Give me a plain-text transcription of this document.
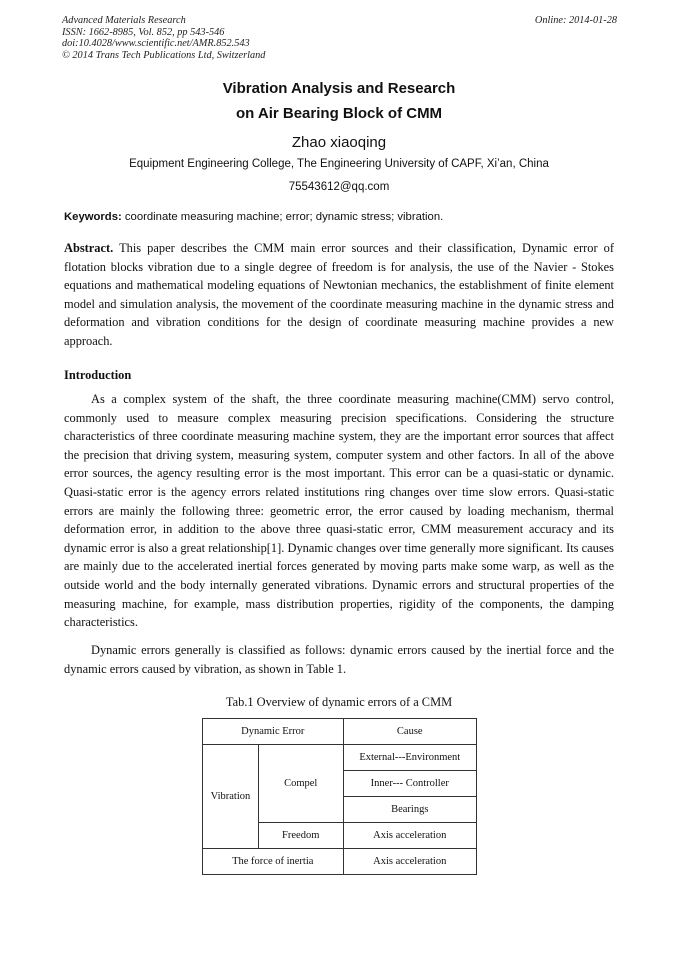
Advanced Materials Research
ISSN: 1662-8985, Vol. 852, pp 543-546
doi:10.4028/www.scientific.net/AMR.852.543
© 2014 Trans Tech Publications Ltd, Switzerland
Online: 2014-01-28
Vibration Analysis and Research
on Air Bearing Block of CMM
Zhao xiaoqing
Equipment Engineering College, The Engineering University of CAPF, Xi’an, China
75543612@qq.com
Keywords: coordinate measuring machine; error; dynamic stress; vibration.
Abstract. This paper describes the CMM main error sources and their classification, Dynamic error of flotation blocks vibration due to a single degree of freedom is for analysis, the use of the Navier - Stokes equations and mathematical modeling equations of Newtonian mechanics, the establishment of finite element model and simulation analysis, the movement of the coordinate measuring machine in the dynamic stress and deformation and vibration conditions for the design of coordinate measuring machine provides a new approach.
Introduction
As a complex system of the shaft, the three coordinate measuring machine(CMM) servo control, commonly used to measure complex measuring precision specifications. Considering the structure characteristics of three coordinate measuring machine system, they are the important error sources that affect the precision that driving system, measuring system, computer system and other factors. In all of the above error sources, the agency resulting error is the most important. This error can be a quasi-static or dynamic. Quasi-static error is the agency errors related institutions ring changes over time slow errors. Quasi-static errors are mainly the following three: geometric error, the error caused by loading mechanism, thermal deformation error, in addition to the above three quasi-static error, CMM measurement accuracy and its dynamic error is also a great relationship[1]. Dynamic changes over time generally more significant. Its causes are mainly due to the accelerated inertial forces generated by moving parts make some warp, as well as the outside world and the body internally generated vibrations. Dynamic errors and structural properties of the measuring machine, for example, mass distribution properties, rigidity of the components, the damping characteristics.
Dynamic errors generally is classified as follows: dynamic errors caused by the inertial force and the dynamic errors caused by vibration, as shown in Table 1.
Tab.1 Overview of dynamic errors of a CMM
Dynamic Error		Cause
Vibration	Compel	External---Environment
		Inner--- Controller
		Bearings
	Freedom	Axis acceleration
The force of inertia		Axis acceleration
